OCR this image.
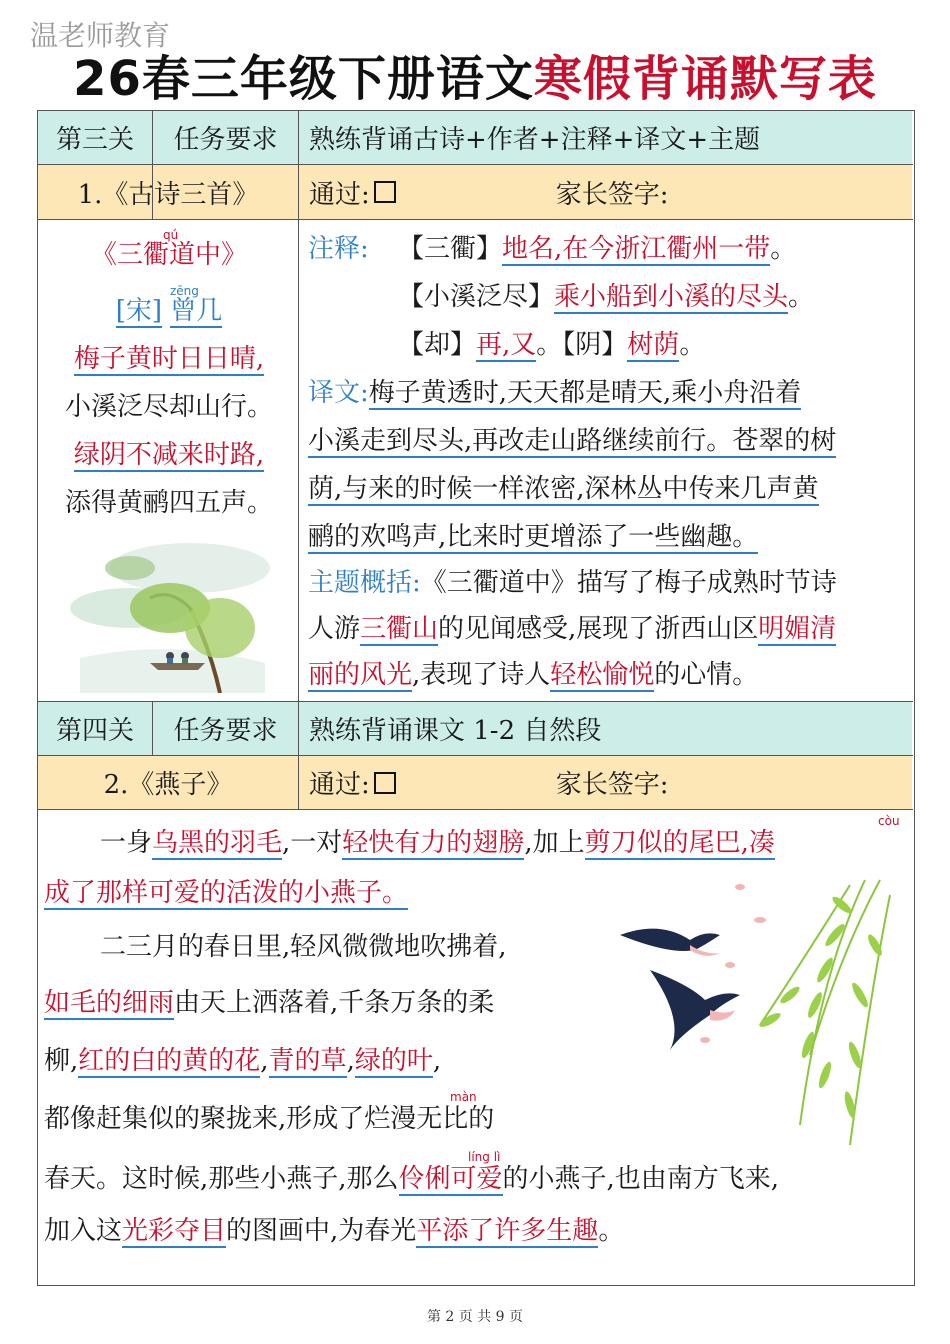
温老师教育
26春三年级下册语文寒假背诵默写表
第三关	任务要求	熟练背诵古诗+作者+注释+译文+主题
1.《古诗三首》	通过:	家长签字:
qú
《三衢道中》
zēng
[宋] 曾几
梅子黄时日日晴,
小溪泛尽却山行。
绿阴不减来时路,
添得黄鹂四五声。
注释: 【三衢】地名,在今浙江衢州一带。
【小溪泛尽】乘小船到小溪的尽头。
【却】再,又。【阴】树荫。
译文:梅子黄透时,天天都是晴天,乘小舟沿着
小溪走到尽头,再改走山路继续前行。苍翠的树
荫,与来的时候一样浓密,深林丛中传来几声黄
鹂的欢鸣声,比来时更增添了一些幽趣。
主题概括:《三衢道中》描写了梅子成熟时节诗
人游三衢山的见闻感受,展现了浙西山区明媚清
丽的风光,表现了诗人轻松愉悦的心情。
第四关	任务要求	熟练背诵课文 1-2 自然段
2.《燕子》	通过:	家长签字:
còu
一身乌黑的羽毛,一对轻快有力的翅膀,加上剪刀似的尾巴,凑
成了那样可爱的活泼的小燕子。
二三月的春日里,轻风微微地吹拂着,
如毛的细雨由天上洒落着,千条万条的柔
柳,红的白的黄的花,青的草,绿的叶,
màn
都像赶集似的聚拢来,形成了烂漫无比的
líng lì
春天。这时候,那些小燕子,那么伶俐可爱的小燕子,也由南方飞来,
加入这光彩夺目的图画中,为春光平添了许多生趣。
第 2 页 共 9 页
